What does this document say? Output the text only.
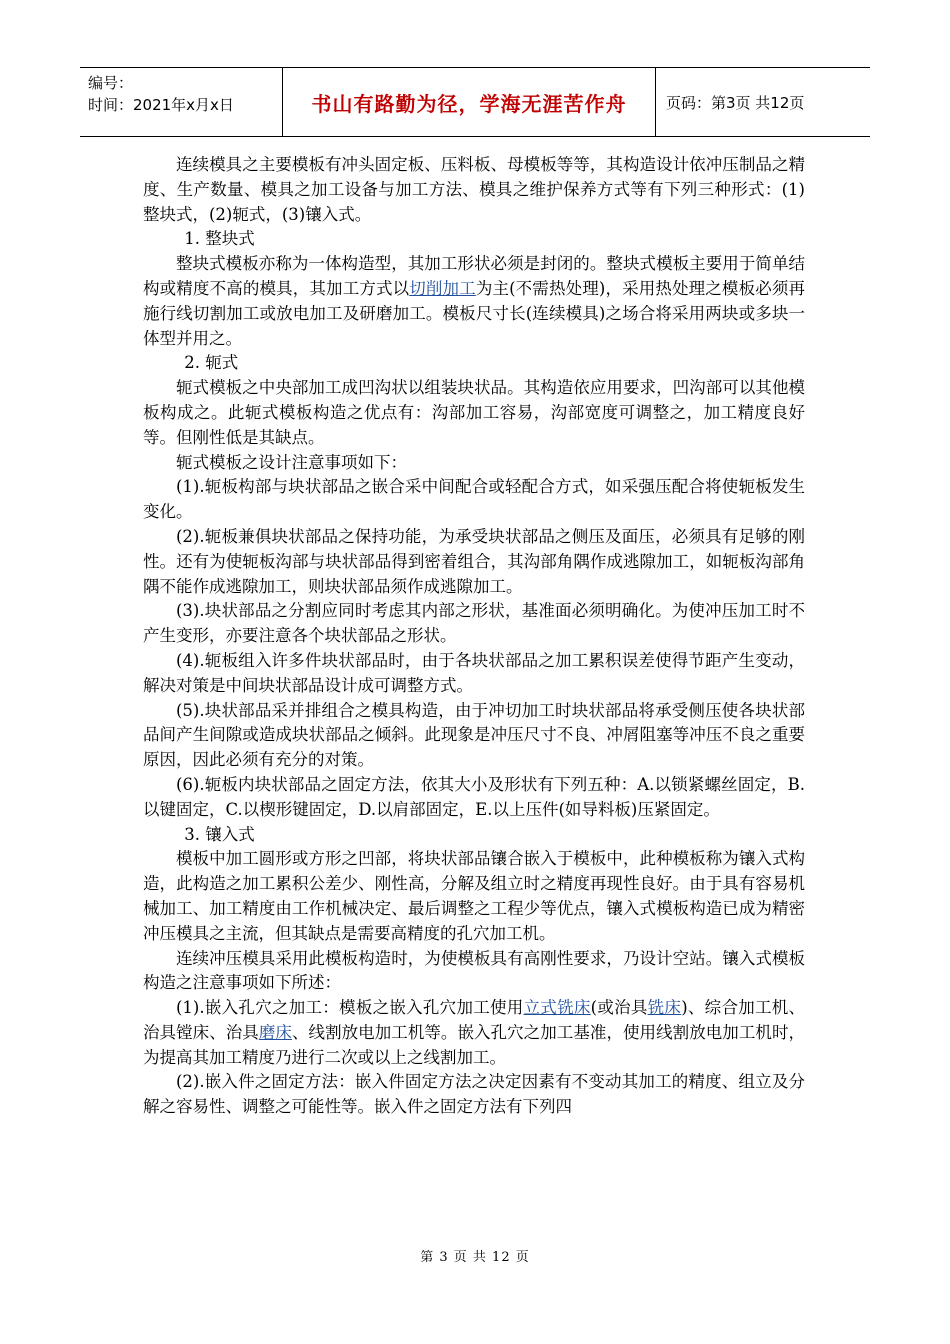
编号：
时间：2021年x月x日	书山有路勤为径，学海无涯苦作舟	页码：第3页 共12页

连续模具之主要模板有冲头固定板、压料板、母模板等等，其构造设计依冲压制品之精度、生产数量、模具之加工设备与加工方法、模具之维护保养方式等有下列三种形式：(1)整块式，(2)轭式，(3)镶入式。

1. 整块式

整块式模板亦称为一体构造型，其加工形状必须是封闭的。整块式模板主要用于简单结构或精度不高的模具，其加工方式以切削加工为主(不需热处理)，采用热处理之模板必须再施行线切割加工或放电加工及研磨加工。模板尺寸长(连续模具)之场合将采用两块或多块一体型并用之。

2. 轭式

轭式模板之中央部加工成凹沟状以组装块状品。其构造依应用要求，凹沟部可以其他模板构成之。此轭式模板构造之优点有：沟部加工容易，沟部宽度可调整之，加工精度良好等。但刚性低是其缺点。

轭式模板之设计注意事项如下：

(1).轭板构部与块状部品之嵌合采中间配合或轻配合方式，如采强压配合将使轭板发生变化。

(2).轭板兼俱块状部品之保持功能，为承受块状部品之侧压及面压，必须具有足够的刚性。还有为使轭板沟部与块状部品得到密着组合，其沟部角隅作成逃隙加工，如轭板沟部角隅不能作成逃隙加工，则块状部品须作成逃隙加工。

(3).块状部品之分割应同时考虑其内部之形状，基准面必须明确化。为使冲压加工时不产生变形，亦要注意各个块状部品之形状。

(4).轭板组入许多件块状部品时，由于各块状部品之加工累积误差使得节距产生变动，解决对策是中间块状部品设计成可调整方式。

(5).块状部品采并排组合之模具构造，由于冲切加工时块状部品将承受侧压使各块状部品间产生间隙或造成块状部品之倾斜。此现象是冲压尺寸不良、冲屑阻塞等冲压不良之重要原因，因此必须有充分的对策。

(6).轭板内块状部品之固定方法，依其大小及形状有下列五种：A.以锁紧螺丝固定，B.以键固定，C.以楔形键固定，D.以肩部固定，E.以上压件(如导料板)压紧固定。

3. 镶入式

模板中加工圆形或方形之凹部，将块状部品镶合嵌入于模板中，此种模板称为镶入式构造，此构造之加工累积公差少、刚性高，分解及组立时之精度再现性良好。由于具有容易机械加工、加工精度由工作机械决定、最后调整之工程少等优点，镶入式模板构造已成为精密冲压模具之主流，但其缺点是需要高精度的孔穴加工机。

连续冲压模具采用此模板构造时，为使模板具有高刚性要求，乃设计空站。镶入式模板构造之注意事项如下所述：

(1).嵌入孔穴之加工：模板之嵌入孔穴加工使用立式铣床(或治具铣床)、综合加工机、治具镗床、治具磨床、线割放电加工机等。嵌入孔穴之加工基准，使用线割放电加工机时，为提高其加工精度乃进行二次或以上之线割加工。

(2).嵌入件之固定方法：嵌入件固定方法之决定因素有不变动其加工的精度、组立及分解之容易性、调整之可能性等。嵌入件之固定方法有下列四

第 3 页 共 12 页
